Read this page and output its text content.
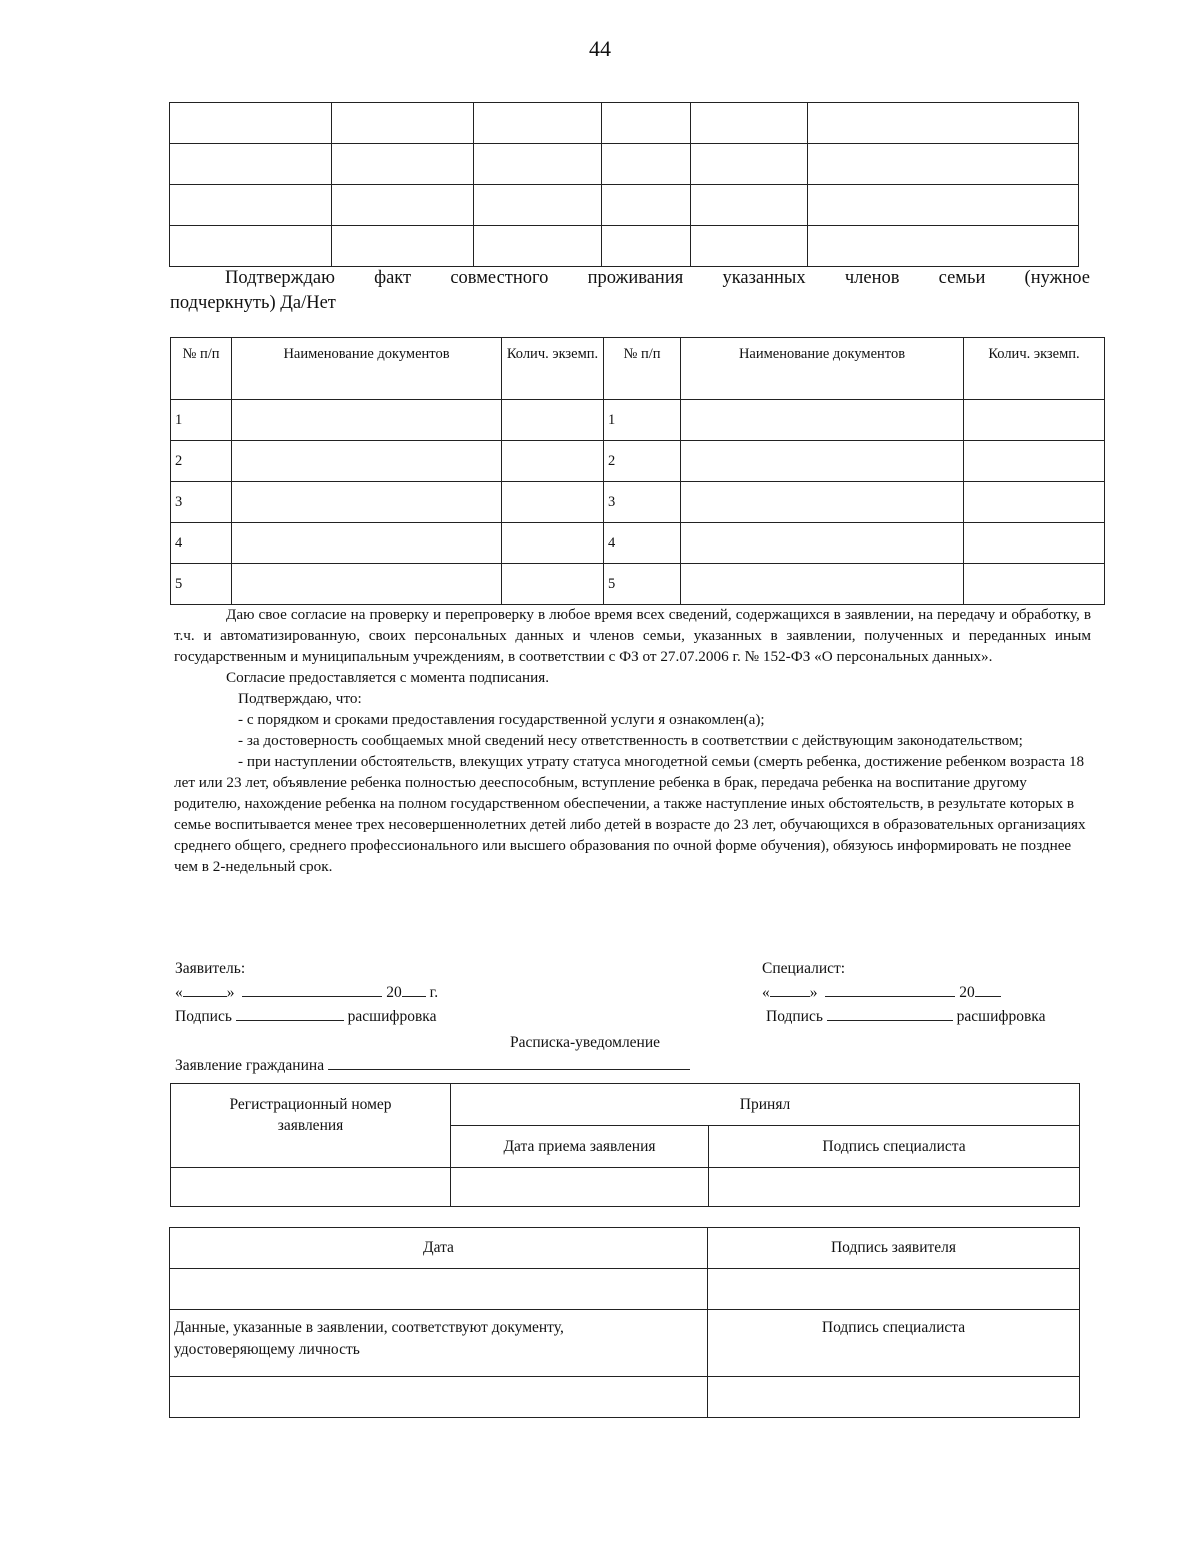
44

Подтверждаю факт совместного проживания указанных членов семьи (нужное
подчеркнуть) Да/Нет
№ п/п	Наименование документов	Колич. экземп.	№ п/п	Наименование документов	Колич. экземп.
1			1		
2			2		
3			3		
4			4		
5			5		

Даю свое согласие на проверку и перепроверку в любое время всех сведений, содержащихся в заявлении, на передачу и обработку, в т.ч. и автоматизированную, своих персональных данных и членов семьи, указанных в заявлении, полученных и переданных иным государственным и муниципальным учреждениям, в соответствии с ФЗ от 27.07.2006 г. № 152-ФЗ «О персональных данных».

Согласие предоставляется с момента подписания.

Подтверждаю, что:

- с порядком и сроками предоставления государственной услуги я ознакомлен(а);

- за достоверность сообщаемых мной сведений несу ответственность в соответствии с действующим законодательством;

- при наступлении обстоятельств, влекущих утрату статуса многодетной семьи (смерть ребенка, достижение ребенком возраста 18 лет или 23 лет, объявление ребенка полностью дееспособным, вступление ребенка в брак, передача ребенка на воспитание другому родителю, нахождение ребенка на полном государственном обеспечении, а также наступление иных обстоятельств, в результате которых в семье воспитывается менее трех несовершеннолетних детей либо детей в возрасте до 23 лет, обучающихся в образовательных организациях среднего общего, среднего профессионального или высшего образования по очной форме обучения), обязуюсь информировать не позднее чем в 2-недельный срок.

Заявитель:
«	»	20 г.
Подпись	расшифровка
Специалист:
«	»	20
Подпись	расшифровка
Расписка-уведомление
Заявление гражданина
Регистрационный номер заявления	Принял	
	Дата приема заявления	Подпись специалиста

Дата	Подпись заявителя

Данные, указанные в заявлении, соответствуют документу, удостоверяющему личность	Подпись специалиста
